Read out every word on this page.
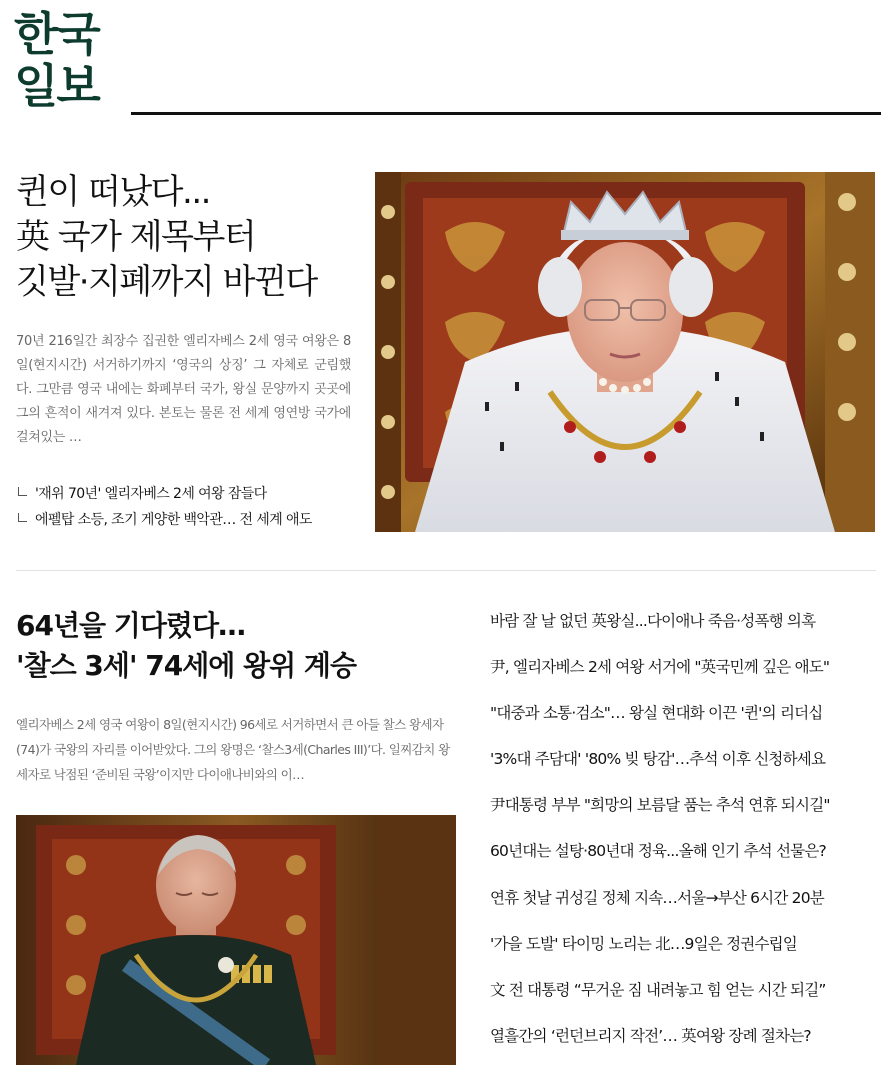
한국
일보
퀸이 떠났다...
英 국가 제목부터
깃발·지폐까지 바뀐다

70년 216일간 최장수 집권한 엘리자베스 2세 영국 여왕은 8일(현지시간) 서거하기까지 ‘영국의 상징’ 그 자체로 군림했다. 그만큼 영국 내에는 화폐부터 국가, 왕실 문양까지 곳곳에 그의 흔적이 새겨져 있다. 본토는 물론 전 세계 영연방 국가에 걸쳐있는 …

'재위 70년' 엘리자베스 2세 여왕 잠들다
에펠탑 소등, 조기 게양한 백악관… 전 세계 애도
64년을 기다렸다…
'찰스 3세' 74세에 왕위 계승

엘리자베스 2세 영국 여왕이 8일(현지시간) 96세로 서거하면서 큰 아들 찰스 왕세자(74)가 국왕의 자리를 이어받았다. 그의 왕명은 ‘찰스3세(Charles III)’다. 일찌감치 왕세자로 낙점된 ‘준비된 국왕’이지만 다이애나비와의 이…

바람 잘 날 없던 英왕실...다이애나 죽음·성폭행 의혹
尹, 엘리자베스 2세 여왕 서거에 "英국민께 깊은 애도"
"대중과 소통·검소"… 왕실 현대화 이끈 '퀸'의 리더십
'3%대 주담대' '80% 빚 탕감'…추석 이후 신청하세요
尹대통령 부부 "희망의 보름달 품는 추석 연휴 되시길"
60년대는 설탕·80년대 정육...올해 인기 추석 선물은?
연휴 첫날 귀성길 정체 지속…서울→부산 6시간 20분
'가을 도발' 타이밍 노리는 北…9일은 정권수립일
文 전 대통령 “무거운 짐 내려놓고 힘 얻는 시간 되길”
열흘간의 ‘런던브리지 작전’… 英여왕 장례 절차는?
